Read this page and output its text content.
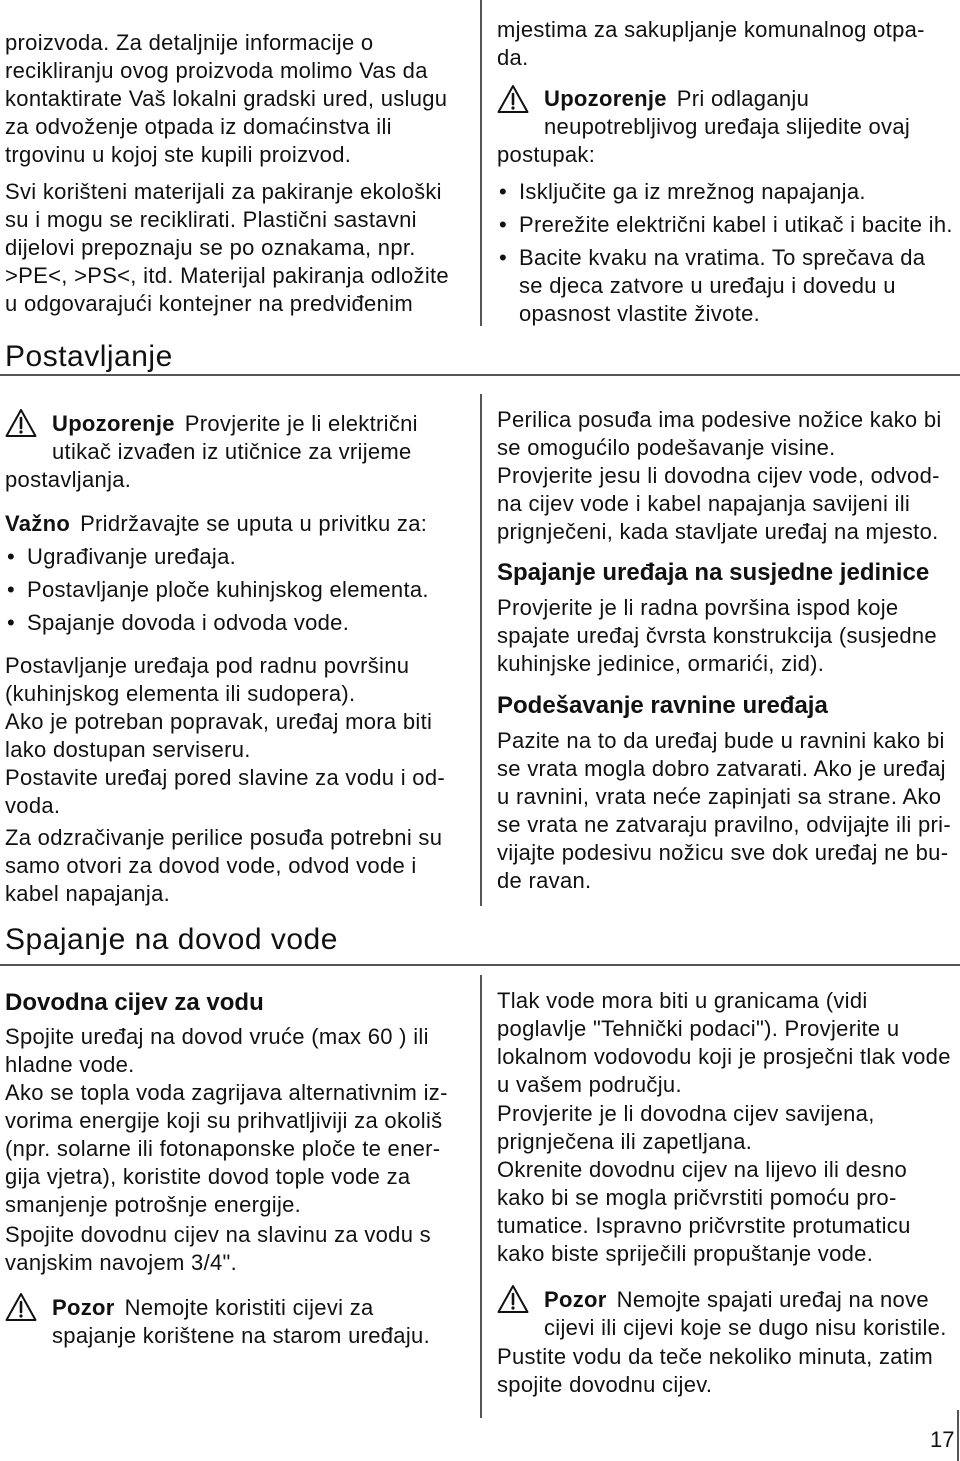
proizvoda. Za detaljnije informacije o
recikliranju ovog proizvoda molimo Vas da
kontaktirate Vaš lokalni gradski ured, uslugu
za odvoženje otpada iz domaćinstva ili
trgovinu u kojoj ste kupili proizvod.
Svi korišteni materijali za pakiranje ekološki
su i mogu se reciklirati. Plastični sastavni
dijelovi prepoznaju se po oznakama, npr.
>PE<, >PS<, itd. Materijal pakiranja odložite
u odgovarajući kontejner na predviđenim
Postavljanje
mjestima za sakupljanje komunalnog otpa-
da.
Upozorenje Pri odlaganju
neupotrebljivog uređaja slijedite ovaj
postupak:
• Isključite ga iz mrežnog napajanja.
• Prerežite električni kabel i utikač i bacite ih.
• Bacite kvaku na vratima. To sprečava da
se djeca zatvore u uređaju i dovedu u
opasnost vlastite živote.
Upozorenje Provjerite je li električni
utikač izvađen iz utičnice za vrijeme
postavljanja.
Važno Pridržavajte se uputa u privitku za:
• Ugrađivanje uređaja.
• Postavljanje ploče kuhinjskog elementa.
• Spajanje dovoda i odvoda vode.
Postavljanje uređaja pod radnu površinu
(kuhinjskog elementa ili sudopera).
Ako je potreban popravak, uređaj mora biti
lako dostupan serviseru.
Postavite uređaj pored slavine za vodu i od-
voda.
Za odzračivanje perilice posuđa potrebni su
samo otvori za dovod vode, odvod vode i
kabel napajanja.
Spajanje na dovod vode
Perilica posuđa ima podesive nožice kako bi
se omogućilo podešavanje visine.
Provjerite jesu li dovodna cijev vode, odvod-
na cijev vode i kabel napajanja savijeni ili
prignječeni, kada stavljate uređaj na mjesto.
Spajanje uređaja na susjedne jedinice
Provjerite je li radna površina ispod koje
spajate uređaj čvrsta konstrukcija (susjedne
kuhinjske jedinice, ormarići, zid).
Podešavanje ravnine uređaja
Pazite na to da uređaj bude u ravnini kako bi
se vrata mogla dobro zatvarati. Ako je uređaj
u ravnini, vrata neće zapinjati sa strane. Ako
se vrata ne zatvaraju pravilno, odvijajte ili pri-
vijajte podesivu nožicu sve dok uređaj ne bu-
de ravan.
Dovodna cijev za vodu
Spojite uređaj na dovod vruće (max 60 ) ili
hladne vode.
Ako se topla voda zagrijava alternativnim iz-
vorima energije koji su prihvatljiviji za okoliš
(npr. solarne ili fotonaponske ploče te ener-
gija vjetra), koristite dovod tople vode za
smanjenje potrošnje energije.
Spojite dovodnu cijev na slavinu za vodu s
vanjskim navojem 3/4".
Pozor Nemojte koristiti cijevi za
spajanje korištene na starom uređaju.
Tlak vode mora biti u granicama (vidi
poglavlje "Tehnički podaci"). Provjerite u
lokalnom vodovodu koji je prosječni tlak vode
u vašem području.
Provjerite je li dovodna cijev savijena,
prignječena ili zapetljana.
Okrenite dovodnu cijev na lijevo ili desno
kako bi se mogla pričvrstiti pomoću pro-
tumatice. Ispravno pričvrstite protumaticu
kako biste spriječili propuštanje vode.
Pozor Nemojte spajati uređaj na nove
cijevi ili cijevi koje se dugo nisu koristile.
Pustite vodu da teče nekoliko minuta, zatim
spojite dovodnu cijev.
17
